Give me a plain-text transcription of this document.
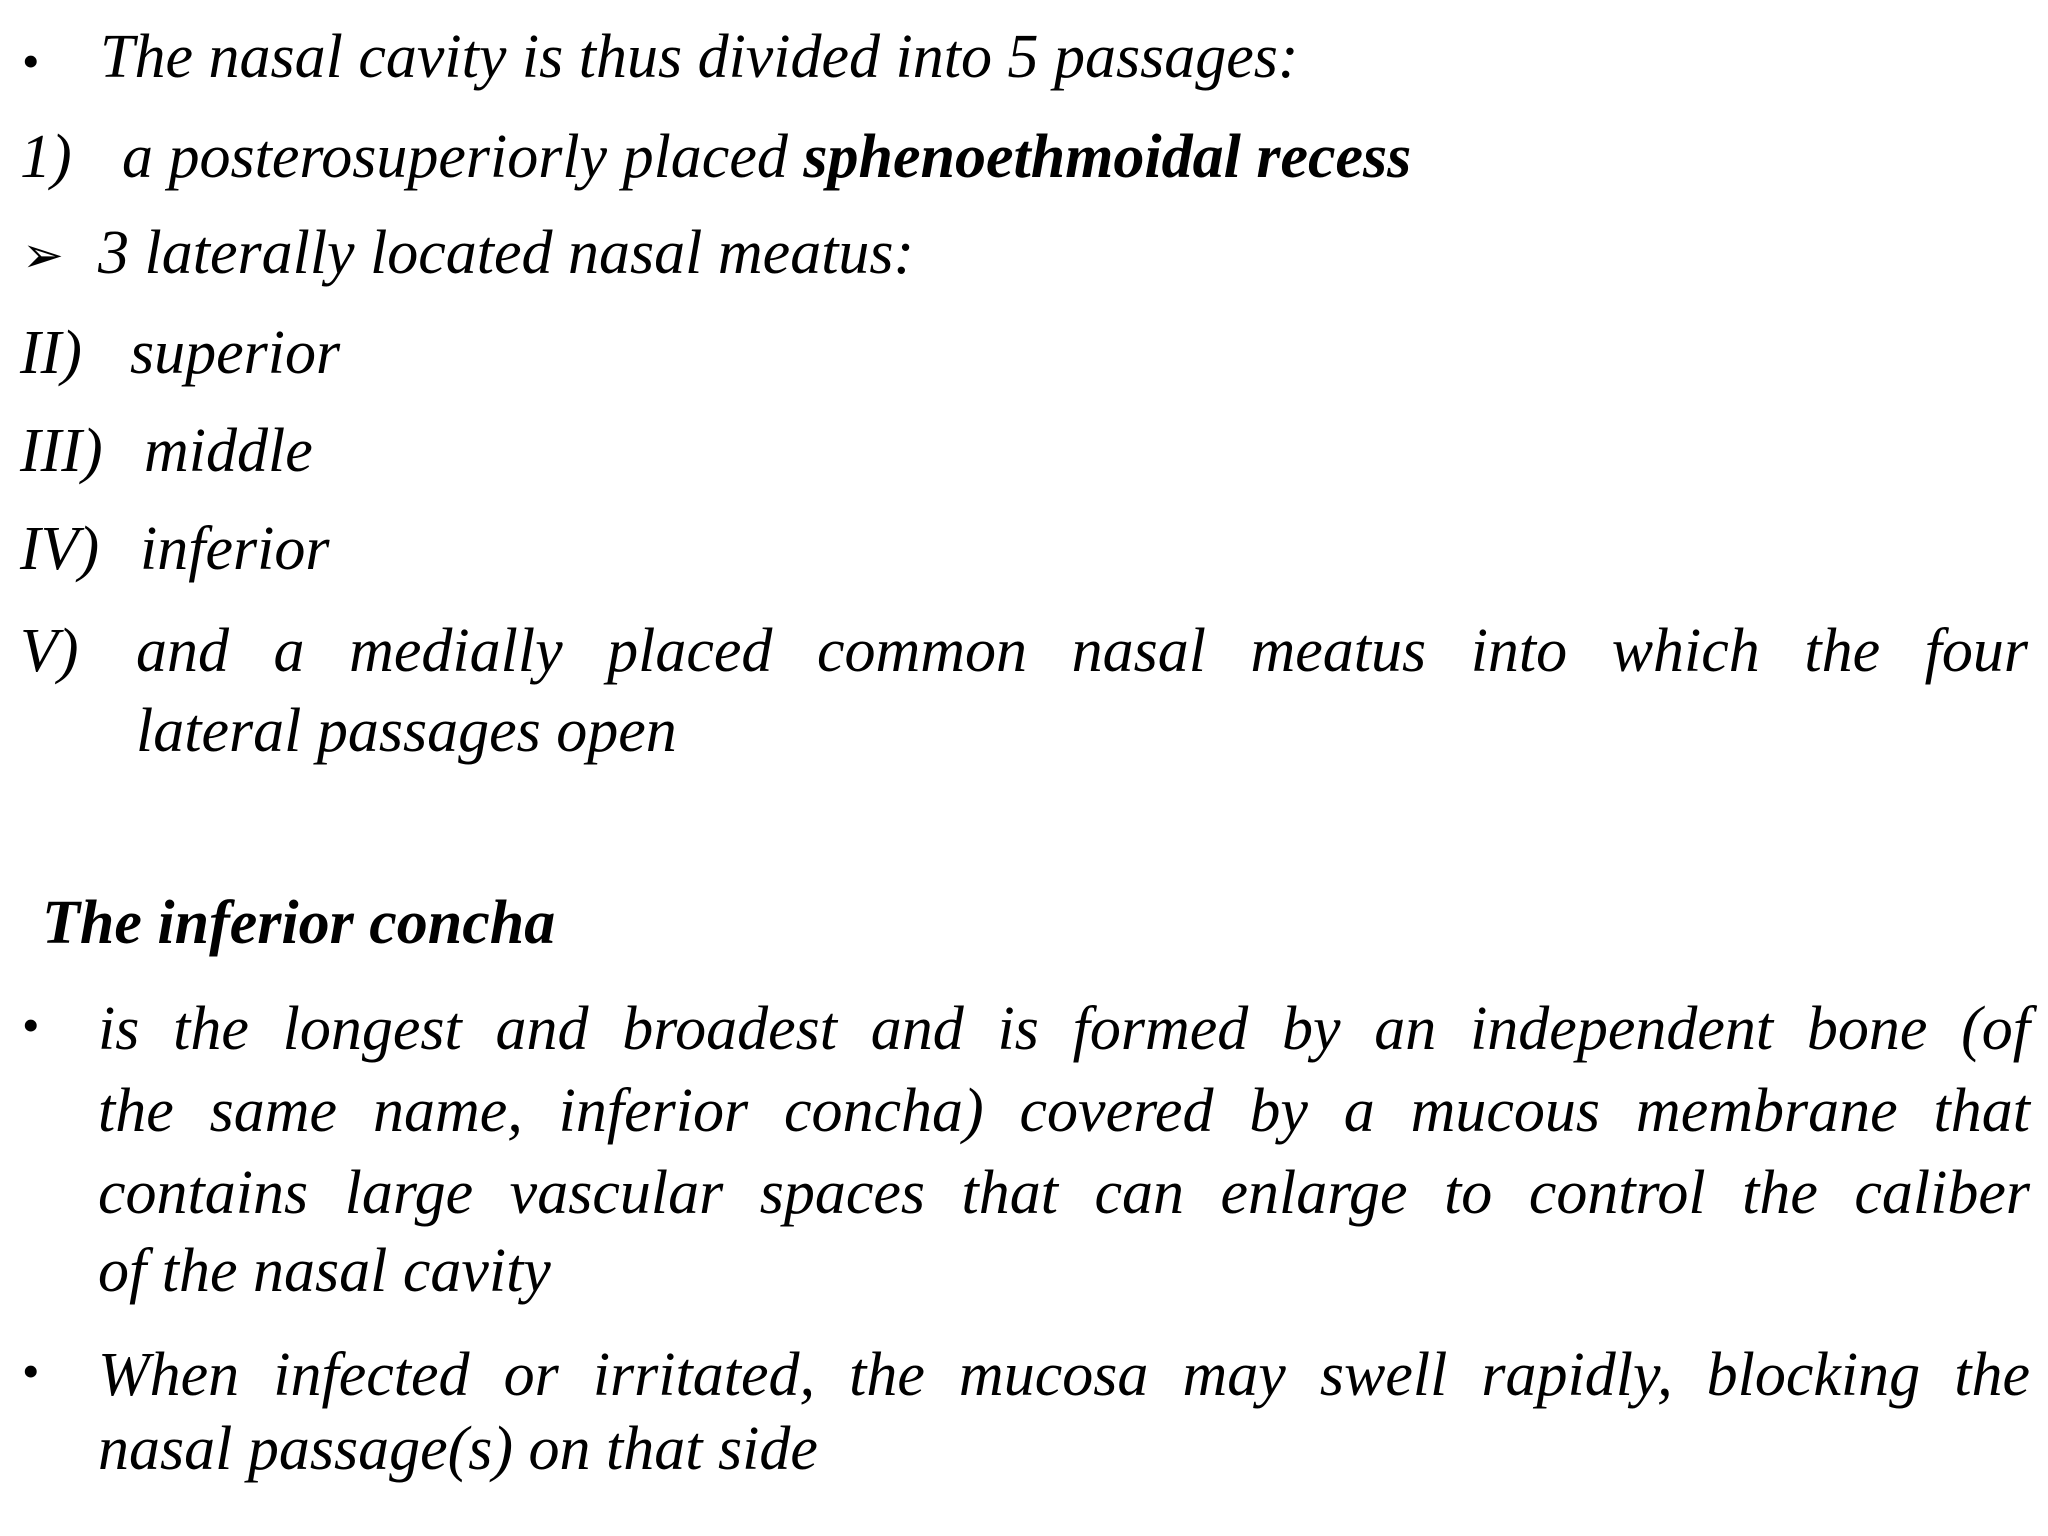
• The nasal cavity is thus divided into 5 passages:
1) a posterosuperiorly placed sphenoethmoidal recess
➢ 3 laterally located nasal meatus:
II) superior
III) middle
IV) inferior
V) and a medially placed common nasal meatus into which the four
lateral passages open
The inferior concha
• is the longest and broadest and is formed by an independent bone (of
the same name, inferior concha) covered by a mucous membrane that
contains large vascular spaces that can enlarge to control the caliber
of the nasal cavity
• When infected or irritated, the mucosa may swell rapidly, blocking the
nasal passage(s) on that side
